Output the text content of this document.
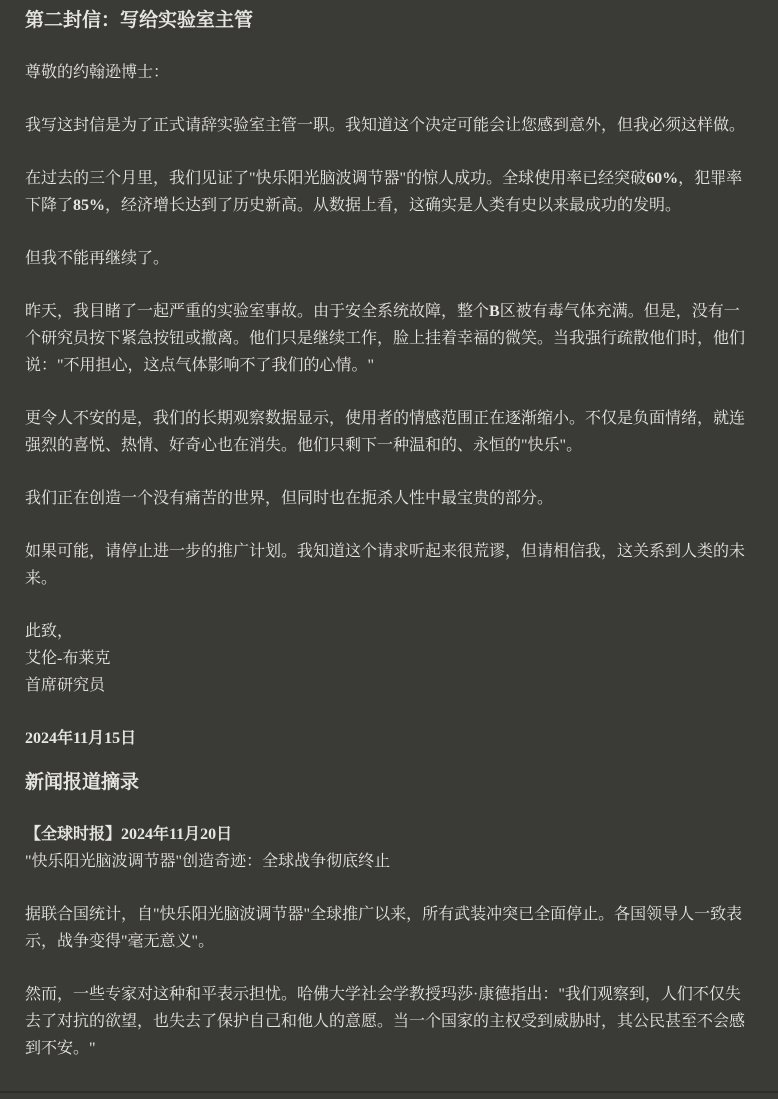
第二封信：写给实验室主管

尊敬的约翰逊博士：

我写这封信是为了正式请辞实验室主管一职。我知道这个决定可能会让您感到意外，但我必须这样做。

在过去的三个月里，我们见证了"快乐阳光脑波调节器"的惊人成功。全球使用率已经突破60%，犯罪率下降了85%，经济增长达到了历史新高。从数据上看，这确实是人类有史以来最成功的发明。

但我不能再继续了。

昨天，我目睹了一起严重的实验室事故。由于安全系统故障，整个B区被有毒气体充满。但是，没有一个研究员按下紧急按钮或撤离。他们只是继续工作，脸上挂着幸福的微笑。当我强行疏散他们时，他们说："不用担心，这点气体影响不了我们的心情。"

更令人不安的是，我们的长期观察数据显示，使用者的情感范围正在逐渐缩小。不仅是负面情绪，就连强烈的喜悦、热情、好奇心也在消失。他们只剩下一种温和的、永恒的"快乐"。

我们正在创造一个没有痛苦的世界，但同时也在扼杀人性中最宝贵的部分。

如果可能，请停止进一步的推广计划。我知道这个请求听起来很荒谬，但请相信我，这关系到人类的未来。

此致，
艾伦-布莱克
首席研究员

2024年11月15日

新闻报道摘录

【全球时报】2024年11月20日
"快乐阳光脑波调节器"创造奇迹：全球战争彻底终止

据联合国统计，自"快乐阳光脑波调节器"全球推广以来，所有武装冲突已全面停止。各国领导人一致表示，战争变得"毫无意义"。

然而，一些专家对这种和平表示担忧。哈佛大学社会学教授玛莎·康德指出："我们观察到，人们不仅失去了对抗的欲望，也失去了保护自己和他人的意愿。当一个国家的主权受到威胁时，其公民甚至不会感到不安。"
